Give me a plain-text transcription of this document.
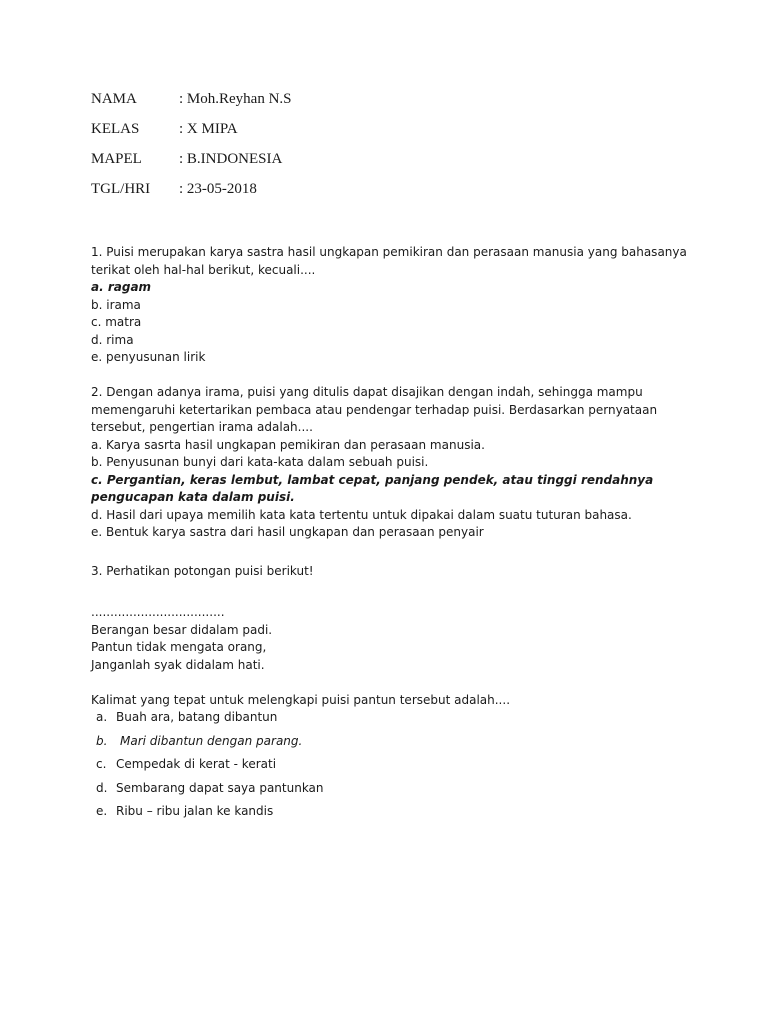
NAMA	: Moh.Reyhan N.S
KELAS	: X MIPA
MAPEL	: B.INDONESIA
TGL/HRI	: 23-05-2018

1. Puisi merupakan karya sastra hasil ungkapan pemikiran dan perasaan manusia yang bahasanya terikat oleh hal-hal berikut, kecuali....

a. ragam

b. irama

c. matra

d. rima

e. penyusunan lirik

2. Dengan adanya irama, puisi yang ditulis dapat disajikan dengan indah, sehingga mampu memengaruhi ketertarikan pembaca atau pendengar terhadap puisi. Berdasarkan pernyataan tersebut, pengertian irama adalah....

a. Karya sasrta hasil ungkapan pemikiran dan perasaan manusia.

b. Penyusunan bunyi dari kata-kata dalam sebuah puisi.

c. Pergantian, keras lembut, lambat cepat, panjang pendek, atau tinggi rendahnya pengucapan kata dalam puisi.

d. Hasil dari upaya memilih kata kata tertentu untuk dipakai dalam suatu tuturan bahasa.

e. Bentuk karya sastra dari hasil ungkapan dan perasaan penyair

3. Perhatikan potongan puisi berikut!

...................................

Berangan besar didalam padi.

Pantun tidak mengata orang,

Janganlah syak didalam hati.

Kalimat yang tepat untuk melengkapi puisi pantun tersebut adalah....

a. Buah ara, batang dibantun
b.	Mari dibantun dengan parang.
c. Cempedak di kerat - kerati
d. Sembarang dapat saya pantunkan
e. Ribu – ribu jalan ke kandis
